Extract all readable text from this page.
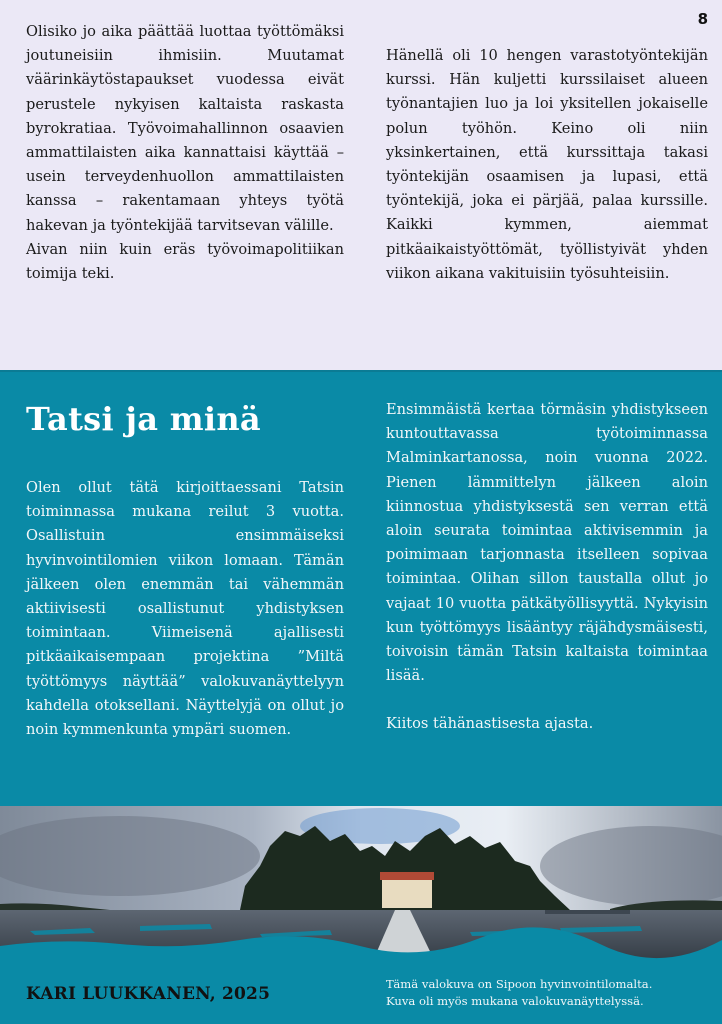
8

Olisiko jo aika päättää luottaa työttömäksi joutuneisiin ihmisiin. Muutamat väärinkäytöstapaukset vuodessa eivät perustele nykyisen kaltaista raskasta byrokratiaa. Työvoimahallinnon osaavien ammattilaisten aika kannattaisi käyttää – usein terveydenhuollon ammattilaisten kanssa – rakentamaan yhteys työtä hakevan ja työntekijää tarvitsevan välille.

Aivan niin kuin eräs työvoimapolitiikan toimija teki.

Hänellä oli 10 hengen varastotyöntekijän kurssi. Hän kuljetti kurssilaiset alueen työnantajien luo ja loi yksitellen jokaiselle polun työhön. Keino oli niin yksinkertainen, että kurssittaja takasi työntekijän osaamisen ja lupasi, että työntekijä, joka ei pärjää, palaa kurssille. Kaikki kymmen, aiemmat pitkäaikaistyöttömät, työllistyivät yhden viikon aikana vakituisiin työsuhteisiin.

Tatsi ja minä

Olen ollut tätä kirjoittaessani Tatsin toiminnassa mukana reilut 3 vuotta. Osallistuin ensimmäiseksi hyvinvointilomien viikon lomaan. Tämän jälkeen olen enemmän tai vähemmän aktiivisesti osallistunut yhdistyksen toimintaan. Viimeisenä ajallisesti pitkäaikaisempaan projektina ”Miltä työttömyys näyttää” valokuvanäyttelyyn kahdella otoksellani. Näyttelyjä on ollut jo noin kymmenkunta ympäri suomen.

Ensimmäistä kertaa törmäsin yhdistykseen kuntouttavassa työtoiminnassa Malminkartanossa, noin vuonna 2022. Pienen lämmittelyn jälkeen aloin kiinnostua yhdistyksestä sen verran että aloin seurata toimintaa aktivisemmin ja poimimaan tarjonnasta itselleen sopivaa toimintaa. Olihan sillon taustalla ollut jo vajaat 10 vuotta pätkätyöllisyyttä. Nykyisin kun työttömyys lisääntyy räjähdysmäisesti, toivoisin tämän Tatsin kaltaista toimintaa lisää.

Kiitos tähänastisesta ajasta.

KARI LUUKKANEN, 2025	Tämä valokuva on Sipoon hyvinvointilomalta.
Kuva oli myös mukana valokuvanäyttelyssä.
